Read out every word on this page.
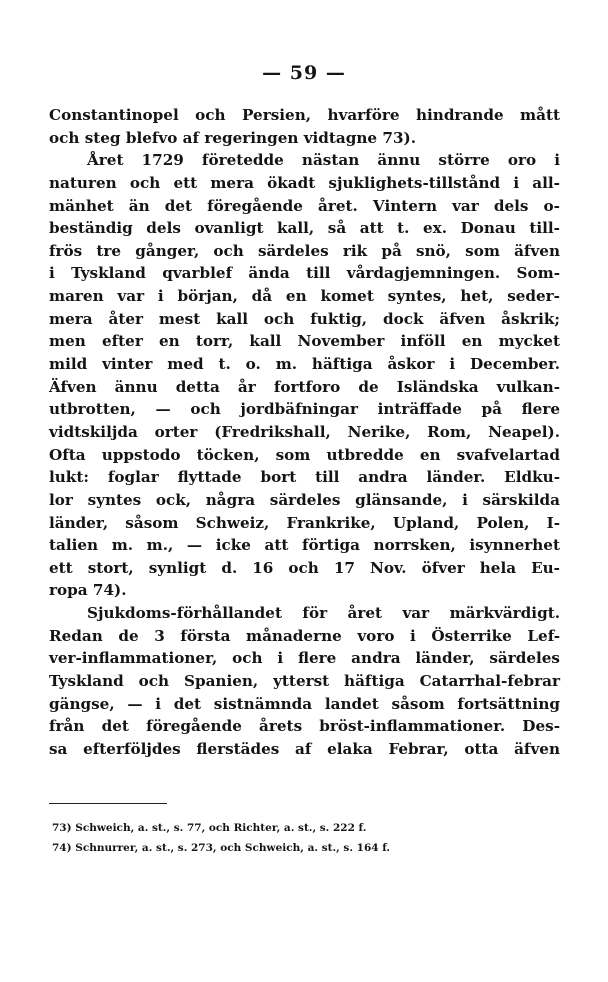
— 59 —
Constantinopel och Persien, hvarföre hindrande mått
och steg blefvo af regeringen vidtagne 73).
Året 1729 företedde nästan ännu större oro i
naturen och ett mera ökadt sjuklighets-tillstånd i all-
mänhet än det föregående året. Vintern var dels o-
beständig dels ovanligt kall, så att t. ex. Donau till-
frös tre gånger, och särdeles rik på snö, som äfven
i Tyskland qvarblef ända till vårdagjemningen. Som-
maren var i början, då en komet syntes, het, seder-
mera åter mest kall och fuktig, dock äfven åskrik;
men efter en torr, kall November inföll en mycket
mild vinter med t. o. m. häftiga åskor i December.
Äfven ännu detta år fortforo de Isländska vulkan-
utbrotten, — och jordbäfningar inträffade på flere
vidtskiljda orter (Fredrikshall, Nerike, Rom, Neapel).
Ofta uppstodo töcken, som utbredde en svafvelartad
lukt: foglar flyttade bort till andra länder. Eldku-
lor syntes ock, några särdeles glänsande, i särskilda
länder, såsom Schweiz, Frankrike, Upland, Polen, I-
talien m. m., — icke att förtiga norrsken, isynnerhet
ett stort, synligt d. 16 och 17 Nov. öfver hela Eu-
ropa 74).
Sjukdoms-förhållandet för året var märkvärdigt.
Redan de 3 första månaderne voro i Österrike Lef-
ver-inflammationer, och i flere andra länder, särdeles
Tyskland och Spanien, ytterst häftiga Catarrhal-febrar
gängse, — i det sistnämnda landet såsom fortsättning
från det föregående årets bröst-inflammationer. Des-
sa efterföljdes flerstädes af elaka Febrar, otta äfven
73) Schweich, a. st., s. 77, och Richter, a. st., s. 222 f.
74) Schnurrer, a. st., s. 273, och Schweich, a. st., s. 164 f.
